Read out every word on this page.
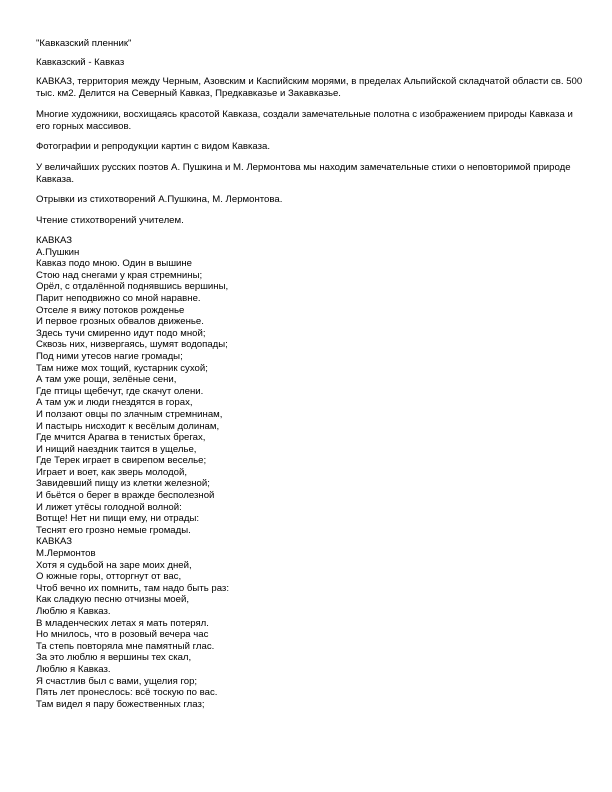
"Кавказский пленник"

Кавказский - Кавказ

КАВКАЗ, территория между Черным, Азовским и Каспийским морями, в пределах Альпийской складчатой области св. 500 тыс. км2. Делится на Северный Кавказ, Предкавказье и Закавказье.

Многие художники, восхищаясь красотой Кавказа, создали замечательные полотна с изображением природы Кавказа и его горных массивов.

Фотографии и репродукции картин с видом Кавказа.

У величайших русских поэтов А. Пушкина и М. Лермонтова мы находим замечательные стихи о неповторимой природе Кавказа.

Отрывки из стихотворений А.Пушкина, М. Лермонтова.

Чтение стихотворений учителем.

КАВКАЗ
А.Пушкин
Кавказ подо мною. Один в вышине
Стою над снегами у края стремнины;
Орёл, с отдалённой поднявшись вершины,
Парит неподвижно со мной наравне.
Отселе я вижу потоков рожденье
И первое грозных обвалов движенье.
Здесь тучи смиренно идут подо мной;
Сквозь них, низвергаясь, шумят водопады;
Под ними утесов нагие громады;
Там ниже мох тощий, кустарник сухой;
А там уже рощи, зелёные сени,
Где птицы щебечут, где скачут олени.
А там уж и люди гнездятся в горах,
И ползают овцы по злачным стремнинам,
И пастырь нисходит к весёлым долинам,
Где мчится Арагва в тенистых брегах,
И нищий наездник таится в ущелье,
Где Терек играет в свирепом веселье;
Играет и воет, как зверь молодой,
Завидевший пищу из клетки железной;
И бьётся о берег в вражде бесполезной
И лижет утёсы голодной волной:
Вотще! Нет ни пищи ему, ни отрады:
Теснят его грозно немые громады.
КАВКАЗ
М.Лермонтов
Хотя я судьбой на заре моих дней,
О южные горы, отторгнут от вас,
Чтоб вечно их помнить, там надо быть раз:
Как сладкую песню отчизны моей,
Люблю я Кавказ.
В младенческих летах я мать потерял.
Но мнилось, что в розовый вечера час
Та степь повторяла мне памятный глас.
За это люблю я вершины тех скал,
Люблю я Кавказ.
Я счастлив был с вами, ущелия гор;
Пять лет пронеслось: всё тоскую по вас.
Там видел я пару божественных глаз;
